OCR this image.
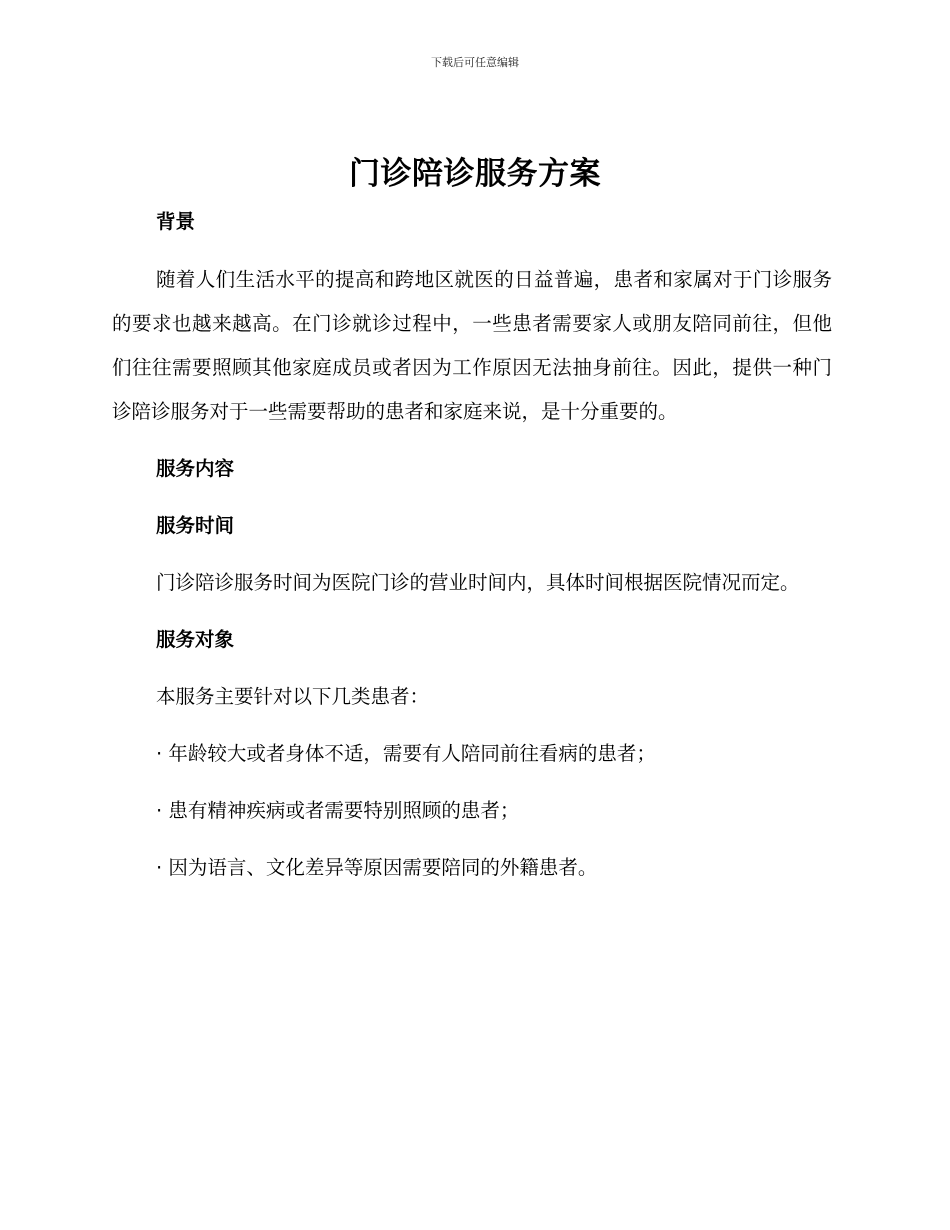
下载后可任意编辑
门诊陪诊服务方案

背景

随着人们生活水平的提高和跨地区就医的日益普遍，患者和家属对于门诊服务的要求也越来越高。在门诊就诊过程中，一些患者需要家人或朋友陪同前往，但他们往往需要照顾其他家庭成员或者因为工作原因无法抽身前往。因此，提供一种门诊陪诊服务对于一些需要帮助的患者和家庭来说，是十分重要的。

服务内容

服务时间

门诊陪诊服务时间为医院门诊的营业时间内，具体时间根据医院情况而定。

服务对象

本服务主要针对以下几类患者：

· 年龄较大或者身体不适，需要有人陪同前往看病的患者；

· 患有精神疾病或者需要特别照顾的患者；

· 因为语言、文化差异等原因需要陪同的外籍患者。
